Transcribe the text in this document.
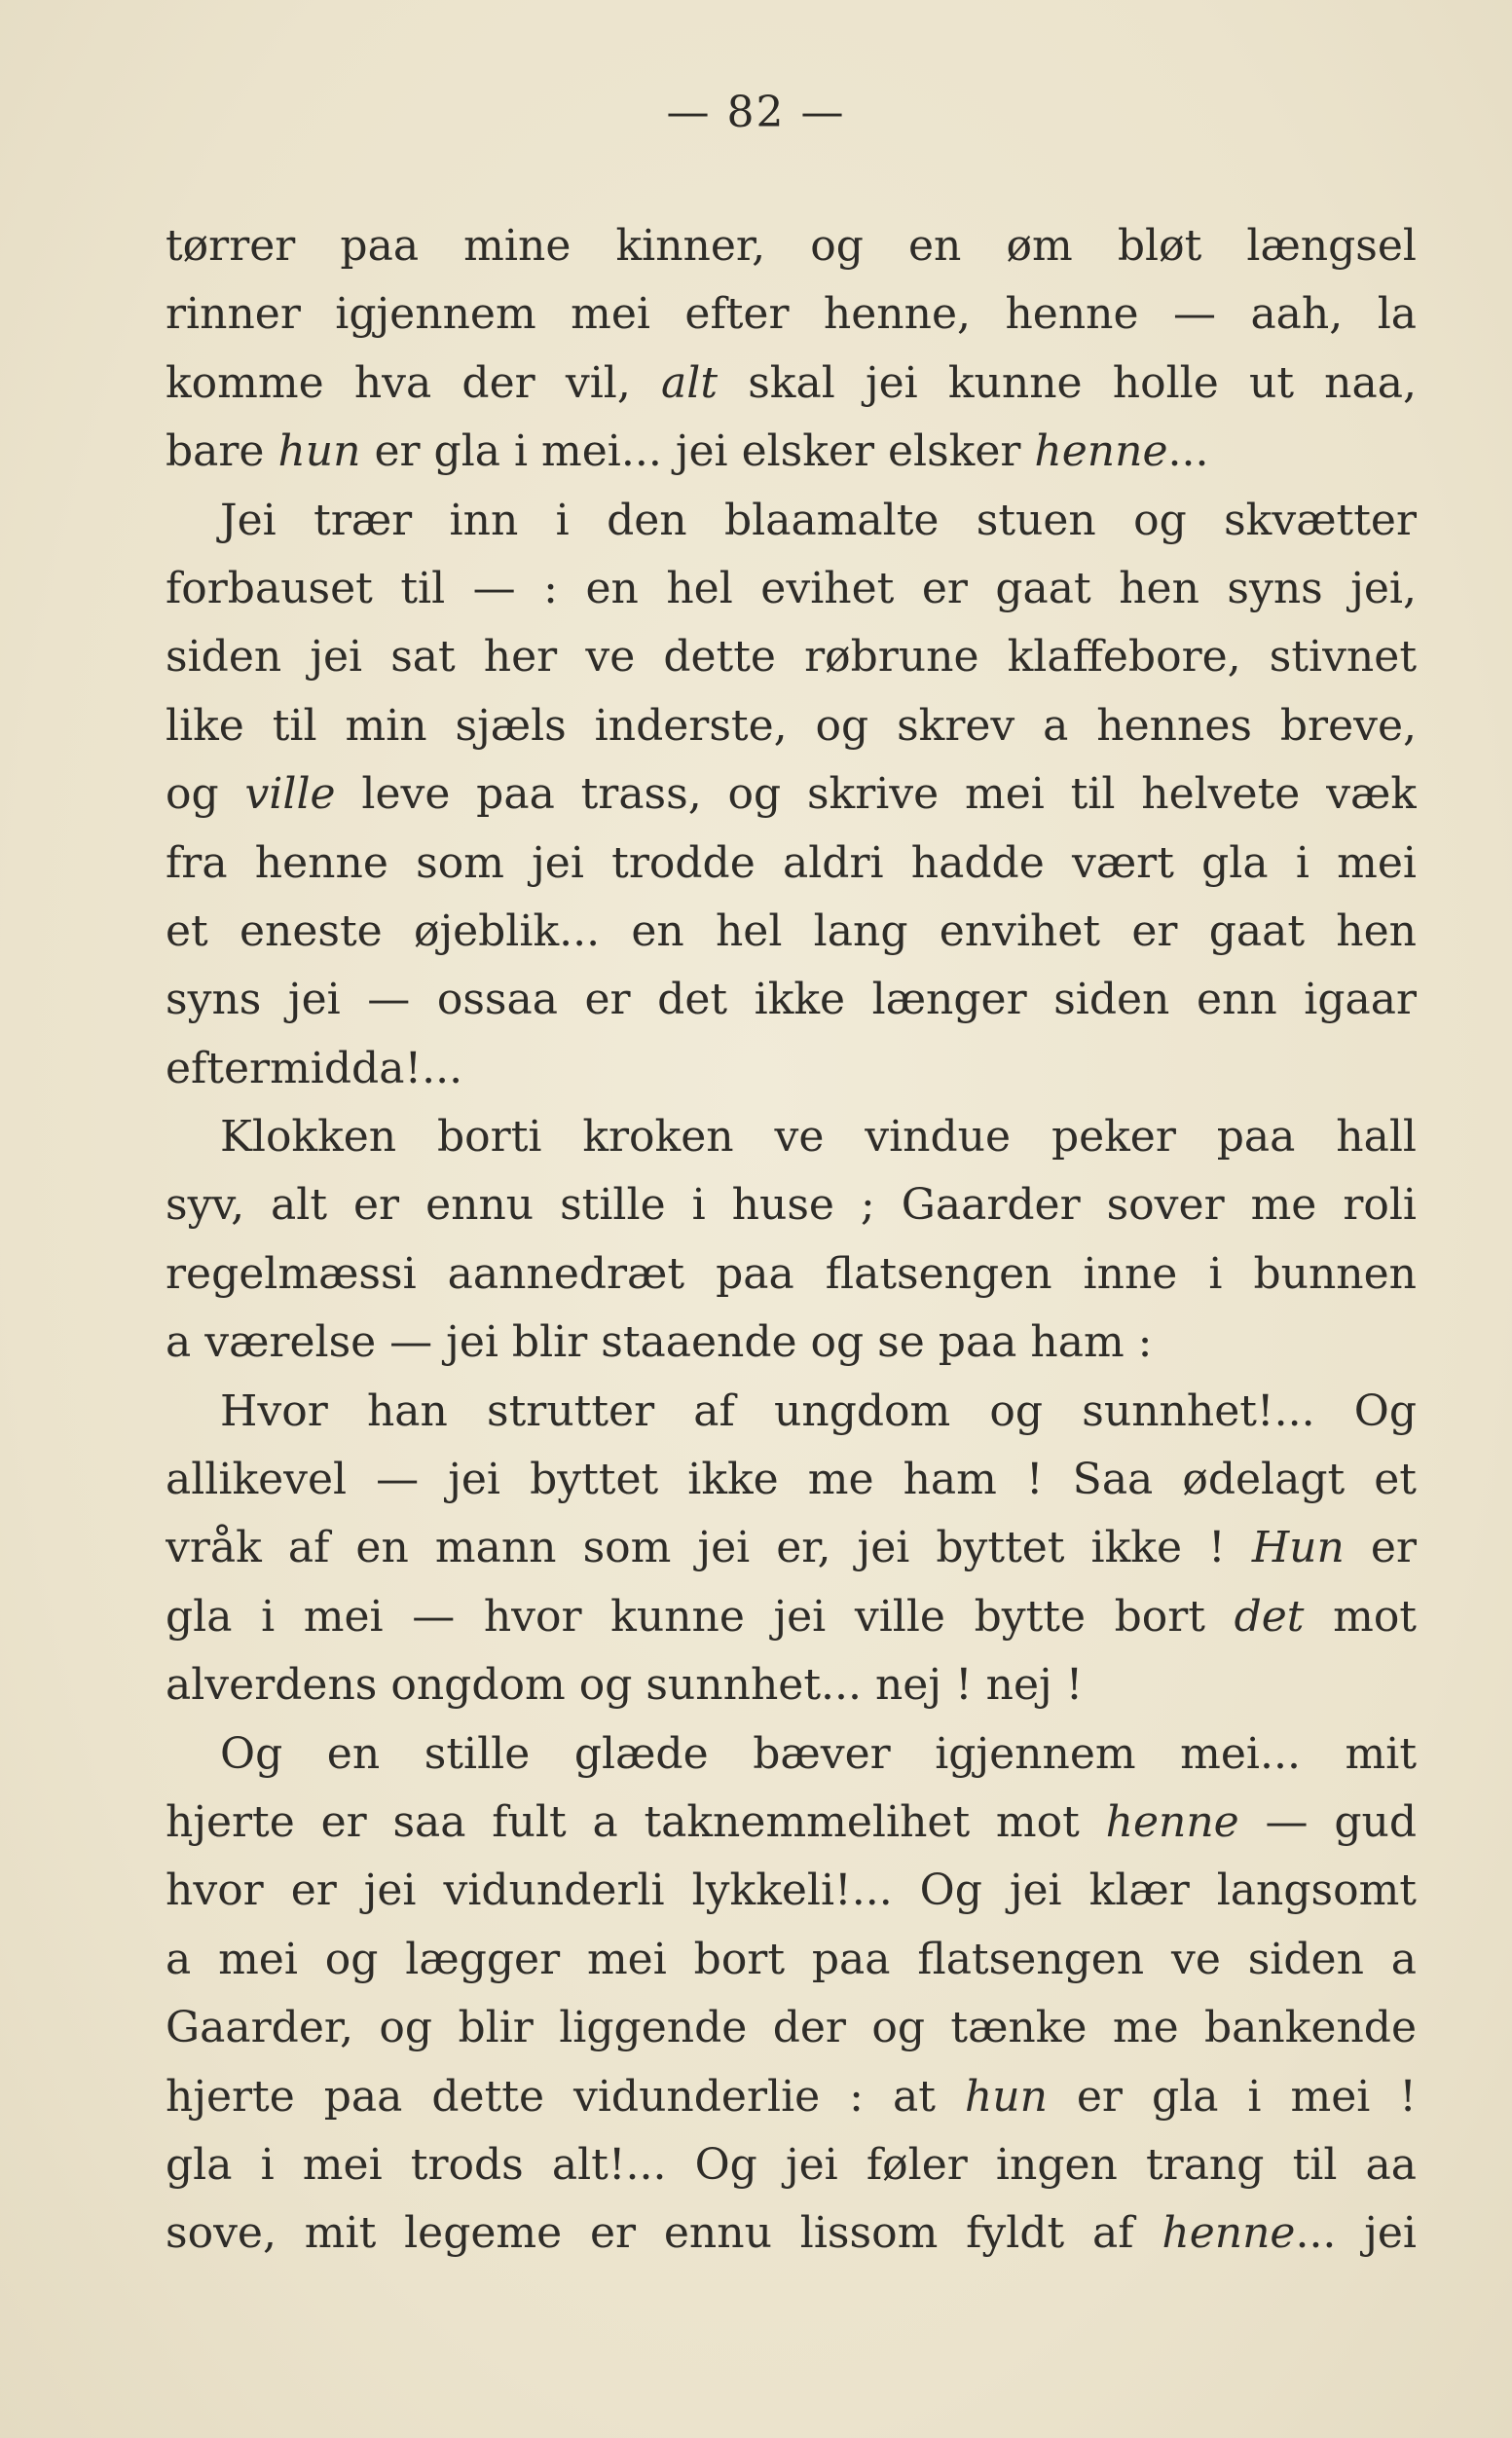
— 82 —
tørrer paa mine kinner, og en øm bløt længsel
rinner igjennem mei efter henne, henne — aah, la
komme hva der vil, alt skal jei kunne holle ut naa,
bare hun er gla i mei... jei elsker elsker henne...
Jei trær inn i den blaamalte stuen og skvætter
forbauset til — : en hel evihet er gaat hen syns jei,
siden jei sat her ve dette røbrune klaffebore, stivnet
like til min sjæls inderste, og skrev a hennes breve,
og ville leve paa trass, og skrive mei til helvete væk
fra henne som jei trodde aldri hadde vært gla i mei
et eneste øjeblik... en hel lang envihet er gaat hen
syns jei — ossaa er det ikke længer siden enn igaar
eftermidda!...
Klokken borti kroken ve vindue peker paa hall
syv, alt er ennu stille i huse ; Gaarder sover me roli
regelmæssi aannedræt paa flatsengen inne i bunnen
a værelse — jei blir staaende og se paa ham :
Hvor han strutter af ungdom og sunnhet!... Og
allikevel — jei byttet ikke me ham ! Saa ødelagt et
vråk af en mann som jei er, jei byttet ikke ! Hun er
gla i mei — hvor kunne jei ville bytte bort det mot
alverdens ongdom og sunnhet... nej ! nej !
Og en stille glæde bæver igjennem mei... mit
hjerte er saa fult a taknemmelihet mot henne — gud
hvor er jei vidunderli lykkeli!... Og jei klær langsomt
a mei og lægger mei bort paa flatsengen ve siden a
Gaarder, og blir liggende der og tænke me bankende
hjerte paa dette vidunderlie : at hun er gla i mei !
gla i mei trods alt!... Og jei føler ingen trang til aa
sove, mit legeme er ennu lissom fyldt af henne... jei
